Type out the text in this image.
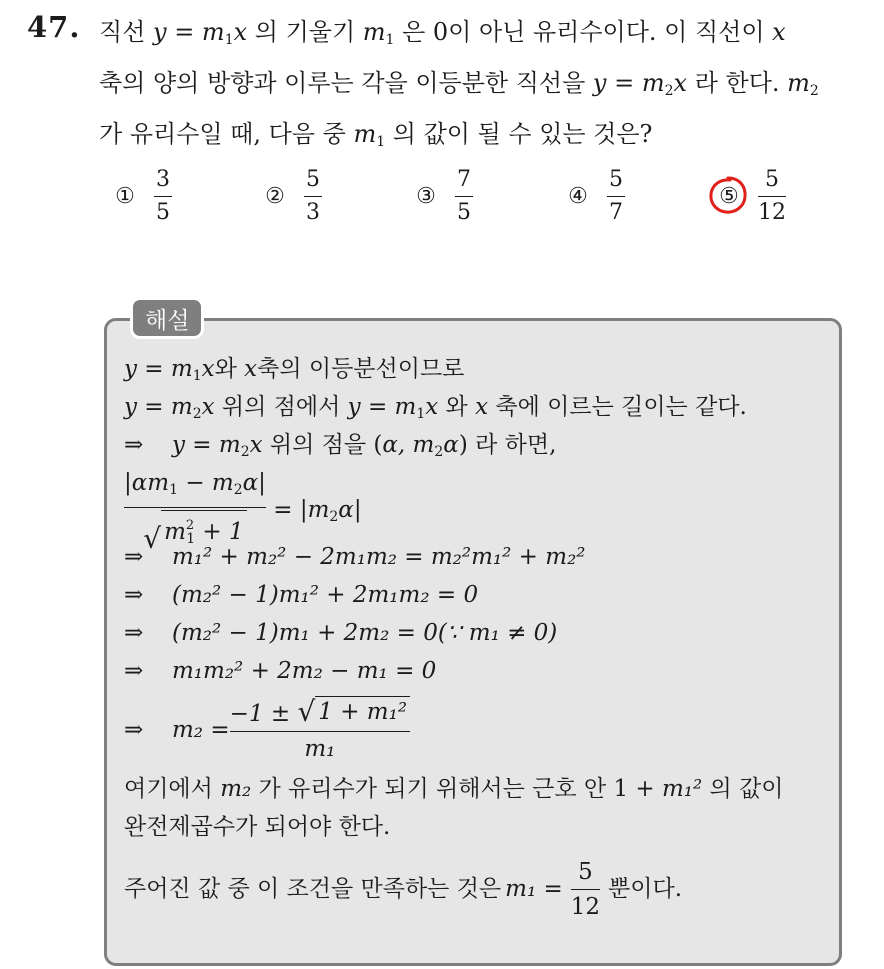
47. 직선 $y = m_1x$ 의 기울기 $m_1$ 은 0이 아닌 유리수이다. 이 직선이 x
축의 양의 방향과 이루는 각을 이등분한 직선을 $y = m_2x$ 라 한다. $m_2$
가 유리수일 때, 다음 중 $m_1$ 의 값이 될 수 있는 것은?
① $\frac{3}{5}$	② $\frac{5}{3}$	③ $\frac{7}{5}$	④ $\frac{5}{7}$	⑤ $\frac{5}{12}$
해설
$y = m_1x$와 x축의 이등분선이므로
$y = m_2x$ 위의 점에서 $y = m_1x$ 와 x 축에 이르는 길이는 같다.
⇒ $y = m_2x$ 위의 점을 (α, $m_2\alpha$) 라 하면,
$\frac{|\alpha m_1 - m_2\alpha|}{√ m^2_1 + 1} = |m_2\alpha|$
⇒ m₁² + m₂² − 2m₁m₂ = m₂²m₁² + m₂²
⇒ (m₂² − 1)m₁² + 2m₁m₂ = 0
⇒ (m₂² − 1)m₁ + 2m₂ = 0(∵ m₁ ≠ 0)
⇒ m₁m₂² + 2m₂ − m₁ = 0
⇒	m₂ =
−1 ± √ 1 + m₁²
m₁
여기에서 m₂ 가 유리수가 되기 위해서는 근호 안 1 + m₁² 의 값이
완전제곱수가 되어야 한다.
주어진 값 중 이 조건을 만족하는 것은 m₁ =
5
12
뿐이다.
